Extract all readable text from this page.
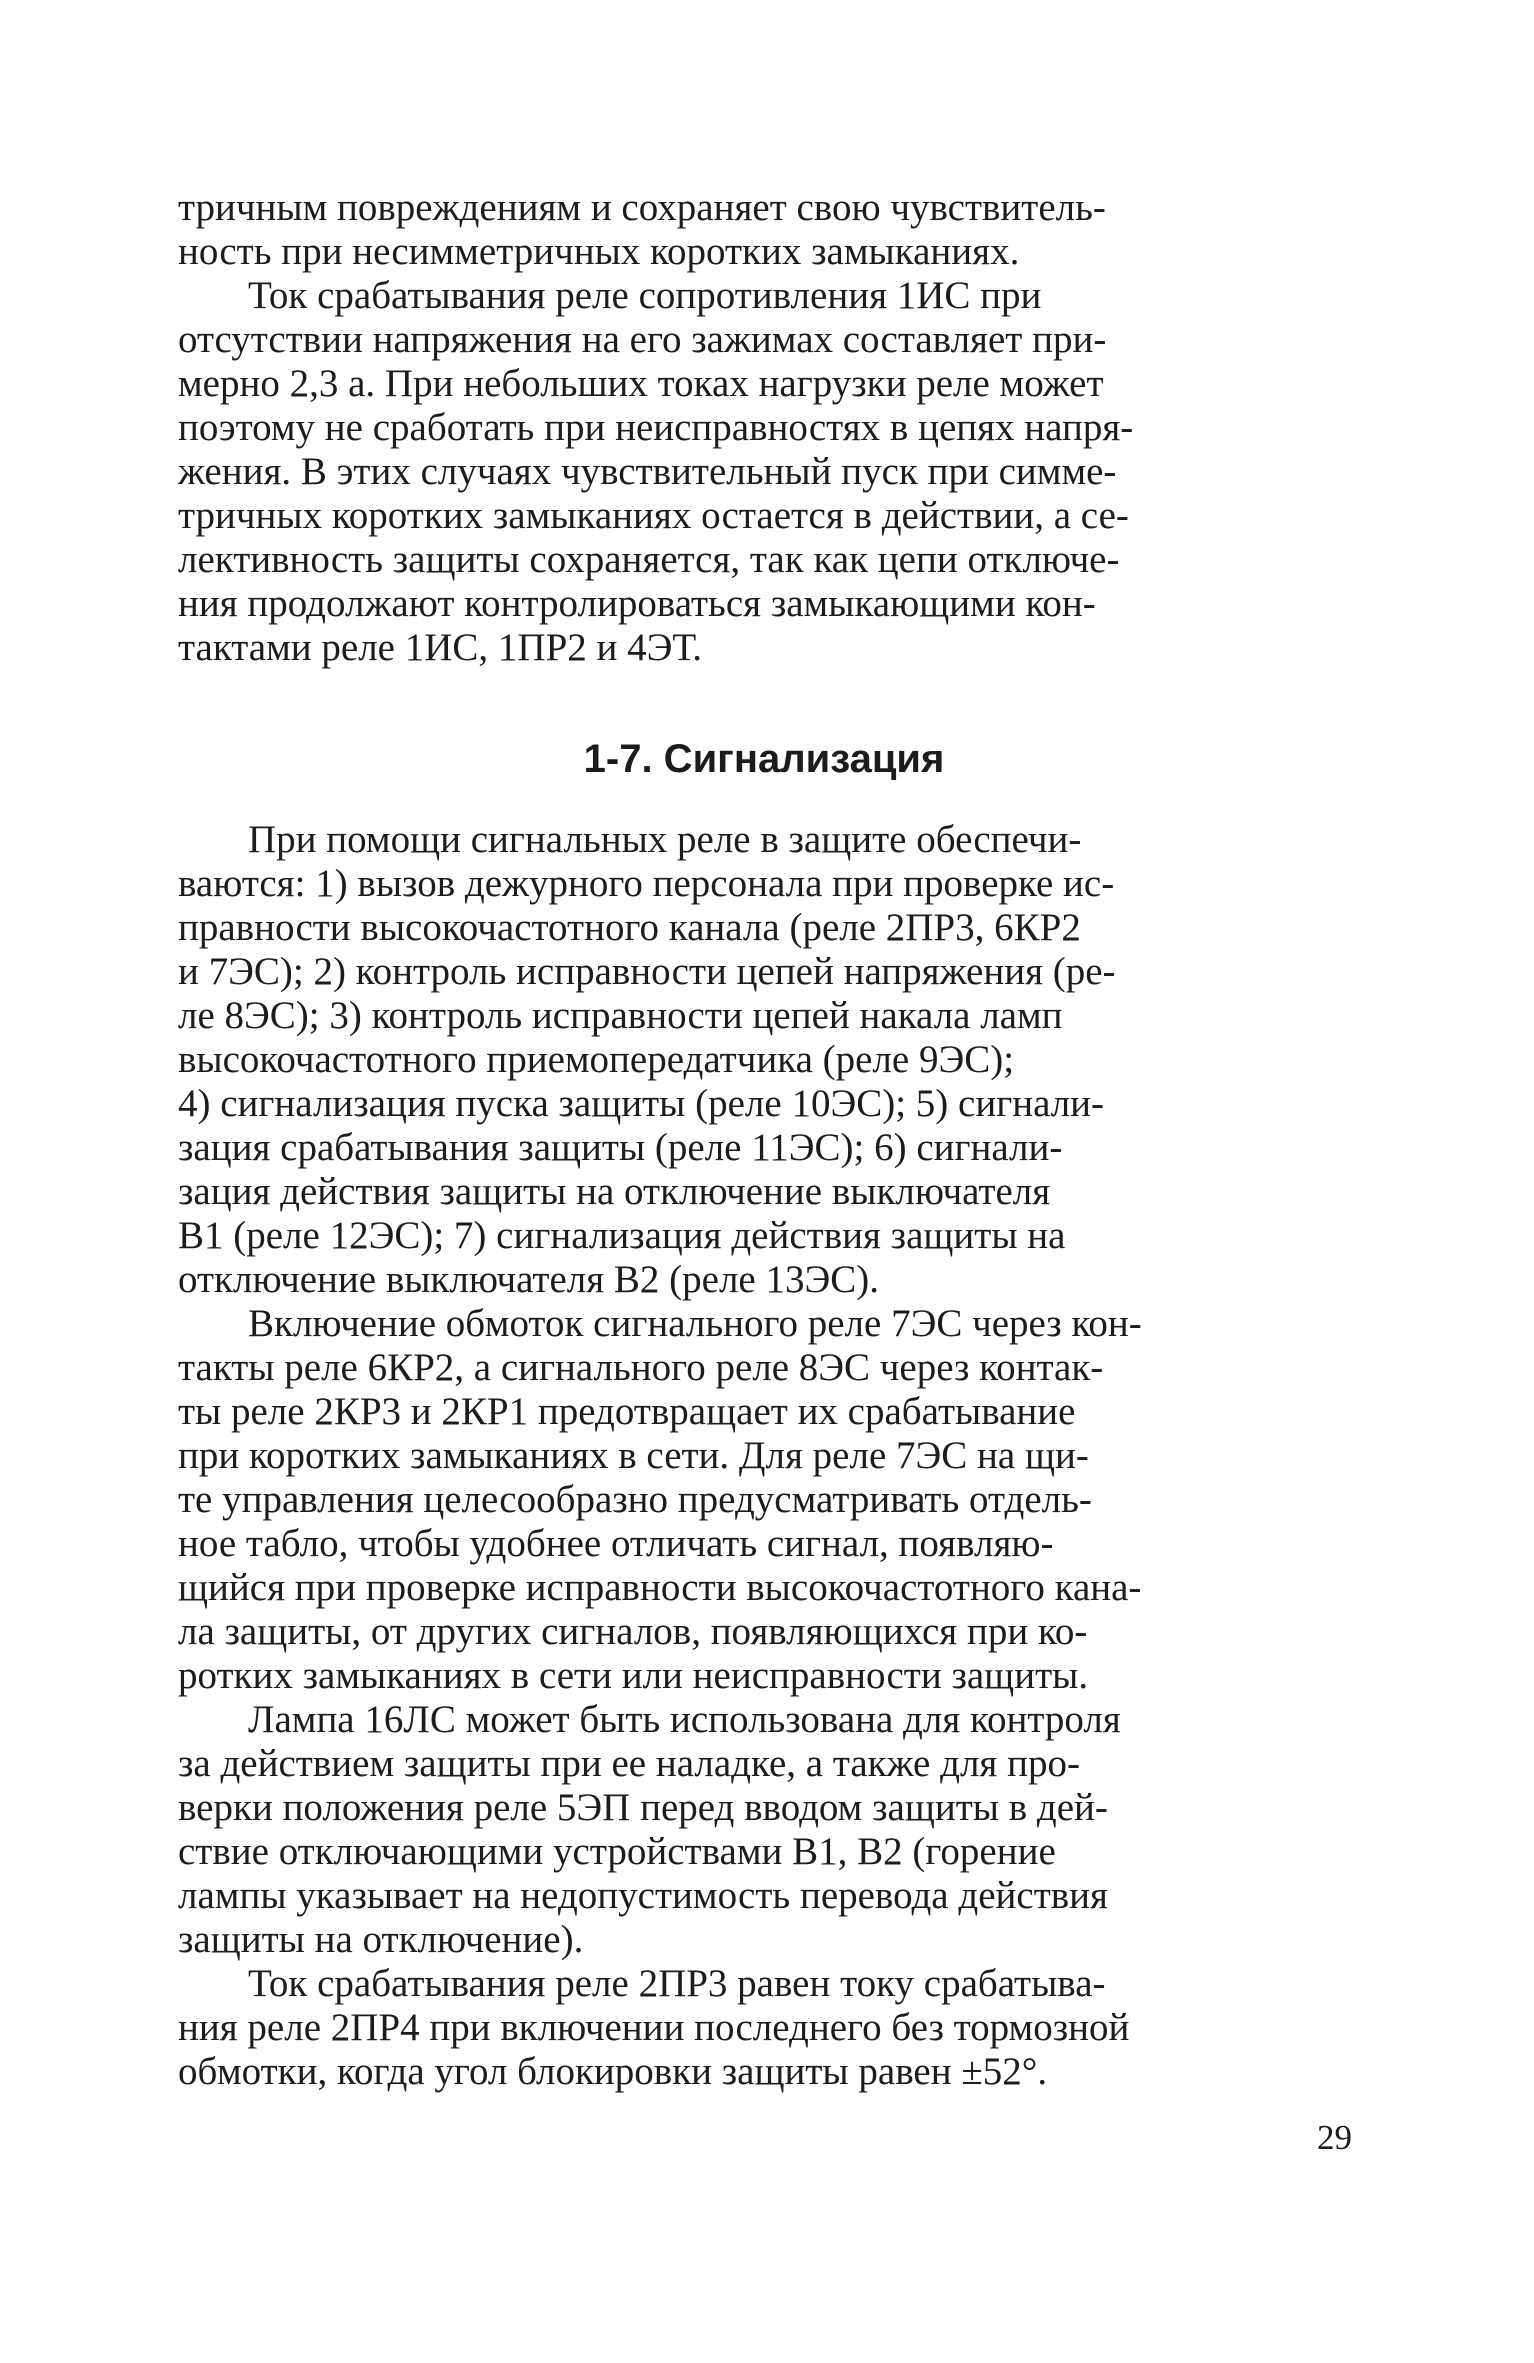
тричным повреждениям и сохраняет свою чувствитель-
ность при несимметричных коротких замыканиях.
Ток срабатывания реле сопротивления 1ИС при
отсутствии напряжения на его зажимах составляет при-
мерно 2,3 а. При небольших токах нагрузки реле может
поэтому не сработать при неисправностях в цепях напря-
жения. В этих случаях чувствительный пуск при симме-
тричных коротких замыканиях остается в действии, а се-
лективность защиты сохраняется, так как цепи отключе-
ния продолжают контролироваться замыкающими кон-
тактами реле 1ИС, 1ПР2 и 4ЭТ.
1-7. Сигнализация
При помощи сигнальных реле в защите обеспечи-
ваются: 1) вызов дежурного персонала при проверке ис-
правности высокочастотного канала (реле 2ПР3, 6КР2
и 7ЭС); 2) контроль исправности цепей напряжения (ре-
ле 8ЭС); 3) контроль исправности цепей накала ламп
высокочастотного приемопередатчика (реле 9ЭС);
4) сигнализация пуска защиты (реле 10ЭС); 5) сигнали-
зация срабатывания защиты (реле 11ЭС); 6) сигнали-
зация действия защиты на отключение выключателя
В1 (реле 12ЭС); 7) сигнализация действия защиты на
отключение выключателя В2 (реле 13ЭС).
Включение обмоток сигнального реле 7ЭС через кон-
такты реле 6КР2, а сигнального реле 8ЭС через контак-
ты реле 2КР3 и 2КР1 предотвращает их срабатывание
при коротких замыканиях в сети. Для реле 7ЭС на щи-
те управления целесообразно предусматривать отдель-
ное табло, чтобы удобнее отличать сигнал, появляю-
щийся при проверке исправности высокочастотного кана-
ла защиты, от других сигналов, появляющихся при ко-
ротких замыканиях в сети или неисправности защиты.
Лампа 16ЛС может быть использована для контроля
за действием защиты при ее наладке, а также для про-
верки положения реле 5ЭП перед вводом защиты в дей-
ствие отключающими устройствами В1, В2 (горение
лампы указывает на недопустимость перевода действия
защиты на отключение).
Ток срабатывания реле 2ПР3 равен току срабатыва-
ния реле 2ПР4 при включении последнего без тормозной
обмотки, когда угол блокировки защиты равен ±52°.
29
